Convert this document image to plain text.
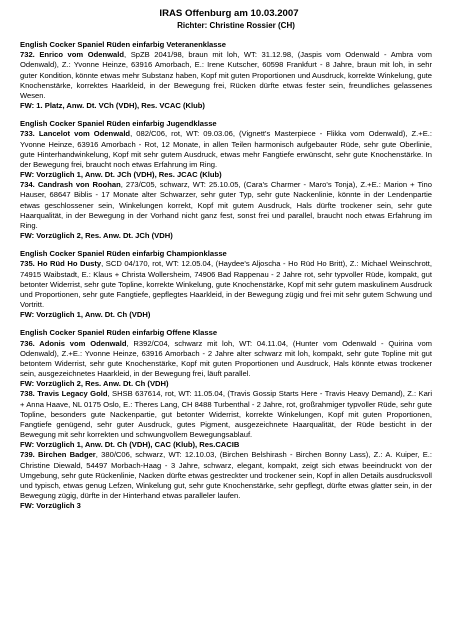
IRAS Offenburg am 10.03.2007

Richter: Christine Rossier (CH)

English Cocker Spaniel Rüden einfarbig Veteranenklasse

732. Enrico vom Odenwald, SpZB 2041/98, braun mit loh, WT: 31.12.98, (Jaspis vom Odenwald - Ambra vom Odenwald), Z.: Yvonne Heinze, 63916 Amorbach, E.: Irene Kutscher, 60598 Frankfurt - 8 Jahre, braun mit loh, in sehr guter Kondition, könnte etwas mehr Substanz haben, Kopf mit guten Proportionen und Ausdruck, korrekte Winkelung, gute Knochenstärke, korrektes Haarkleid, in der Bewegung frei, Rücken dürfte etwas fester sein, freundliches gelassenes Wesen.

FW: 1. Platz, Anw. Dt. VCh (VDH), Res. VCAC (Klub)

English Cocker Spaniel Rüden einfarbig Jugendklasse

733. Lancelot vom Odenwald, 082/C06, rot, WT: 09.03.06, (Vignett's Masterpiece - Flikka vom Odenwald), Z.+E.: Yvonne Heinze, 63916 Amorbach - Rot, 12 Monate, in allen Teilen harmonisch aufgebauter Rüde, sehr gute Oberlinie, gute Hinterhandwinkelung, Kopf mit sehr gutem Ausdruck, etwas mehr Fangtiefe erwünscht, sehr gute Knochenstärke. In der Bewegung frei, braucht noch etwas Erfahrung im Ring.

FW: Vorzüglich 1, Anw. Dt. JCh (VDH), Res. JCAC (Klub)

734. Candrash von Roohan, 273/C05, schwarz, WT: 25.10.05, (Cara's Charmer - Maro's Tonja), Z.+E.: Marion + Tino Hauser, 68647 Biblis - 17 Monate alter Schwarzer, sehr guter Typ, sehr gute Nackenlinie, könnte in der Lendenpartie etwas geschlossener sein, Winkelungen korrekt, Kopf mit gutem Ausdruck, Hals dürfte trockener sein, sehr gute Haarqualität, in der Bewegung in der Vorhand nicht ganz fest, sonst frei und parallel, braucht noch etwas Erfahrung im Ring.

FW: Vorzüglich 2, Res. Anw. Dt. JCh (VDH)

English Cocker Spaniel Rüden einfarbig Championklasse

735. Ho Rüd Ho Dusty, SCD 04/170, rot, WT: 12.05.04, (Haydee's Aljoscha - Ho Rüd Ho Britt), Z.: Michael Weinschrott, 74915 Waibstadt, E.: Klaus + Christa Wollersheim, 74906 Bad Rappenau - 2 Jahre rot, sehr typvoller Rüde, kompakt, gut betonter Widerrist, sehr gute Topline, korrekte Winkelung, gute Knochenstärke, Kopf mit sehr gutem maskulinem Ausdruck und Proportionen, sehr gute Fangtiefe, gepflegtes Haarkleid, in der Bewegung zügig und frei mit sehr gutem Schwung und Vortritt.

FW: Vorzüglich 1, Anw. Dt. Ch (VDH)

English Cocker Spaniel Rüden einfarbig Offene Klasse

736. Adonis vom Odenwald, R392/C04, schwarz mit loh, WT: 04.11.04, (Hunter vom Odenwald - Quirina vom Odenwald), Z.+E.: Yvonne Heinze, 63916 Amorbach - 2 Jahre alter schwarz mit loh, kompakt, sehr gute Topline mit gut betontem Widerrist, sehr gute Knochenstärke, Kopf mit guten Proportionen und Ausdruck, Hals könnte etwas trockener sein, ausgezeichnetes Haarkleid, in der Bewegung frei, läuft parallel.

FW: Vorzüglich 2, Res. Anw. Dt. Ch (VDH)

738. Travis Legacy Gold, SHSB 637614, rot, WT: 11.05.04, (Travis Gossip Starts Here - Travis Heavy Demand), Z.: Kari + Anna Haave, NL 0175 Oslo, E.: Theres Lang, CH 8488 Turbenthal - 2 Jahre, rot, großrahmiger typvoller Rüde, sehr gute Topline, besonders gute Nackenpartie, gut betonter Widerrist, korrekte Winkelungen, Kopf mit guten Proportionen, Fangtiefe genügend, sehr guter Ausdruck, gutes Pigment, ausgezeichnete Haarqualität, der Rüde besticht in der Bewegung mit sehr korrekten und schwungvollem Bewegungsablauf.

FW: Vorzüglich 1, Anw. Dt. Ch (VDH), CAC (Klub), Res.CACIB

739. Birchen Badger, 380/C06, schwarz, WT: 12.10.03, (Birchen Belshirash - Birchen Bonny Lass), Z.: A. Kuiper, E.: Christine Diewald, 54497 Morbach-Haag - 3 Jahre, schwarz, elegant, kompakt, zeigt sich etwas beeindruckt von der Umgebung, sehr gute Rückenlinie, Nacken dürfte etwas gestreckter und trockener sein, Kopf in allen Details ausdrucksvoll und typisch, etwas genug Lefzen, Winkelung gut, sehr gute Knochenstärke, sehr gepflegt, dürfte etwas glatter sein, in der Bewegung zügig, dürfte in der Hinterhand etwas paralleler laufen.

FW: Vorzüglich 3
